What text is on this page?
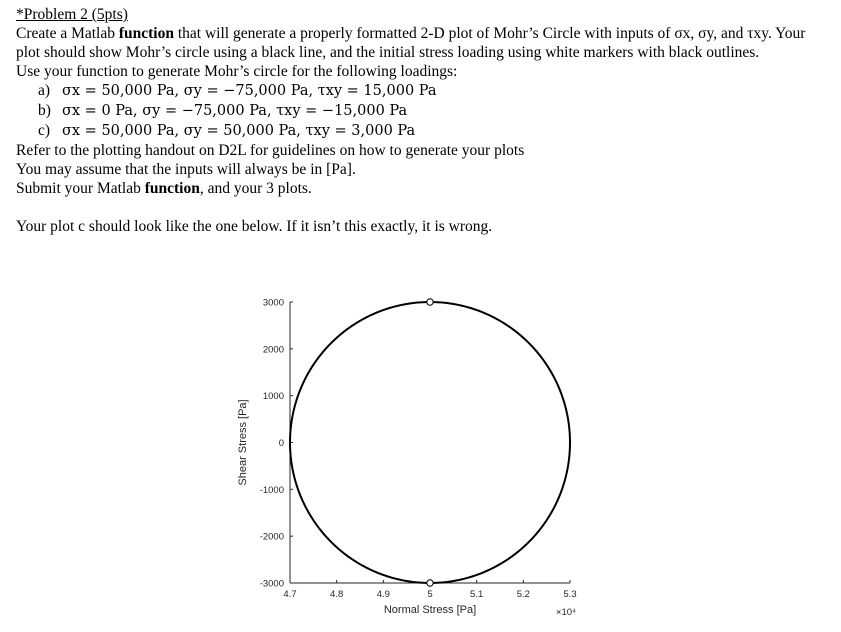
*Problem 2 (5pts)
Create a Matlab function that will generate a properly formatted 2-D plot of Mohr’s Circle with inputs of σx, σy, and τxy. Your plot should show Mohr’s circle using a black line, and the initial stress loading using white markers with black outlines.
Use your function to generate Mohr’s circle for the following loadings:
a) σx = 50,000 Pa, σy = −75,000 Pa, τxy = 15,000 Pa
b) σx = 0 Pa, σy = −75,000 Pa, τxy = −15,000 Pa
c) σx = 50,000 Pa, σy = 50,000 Pa, τxy = 3,000 Pa
Refer to the plotting handout on D2L for guidelines on how to generate your plots
You may assume that the inputs will always be in [Pa].
Submit your Matlab function, and your 3 plots.
Your plot c should look like the one below. If it isn’t this exactly, it is wrong.
4.7	4.8	4.9	5	5.1	5.2	5.3
-3000
-2000
-1000
0
1000
2000
3000
Normal Stress [Pa]
Shear Stress [Pa]
×10⁴
